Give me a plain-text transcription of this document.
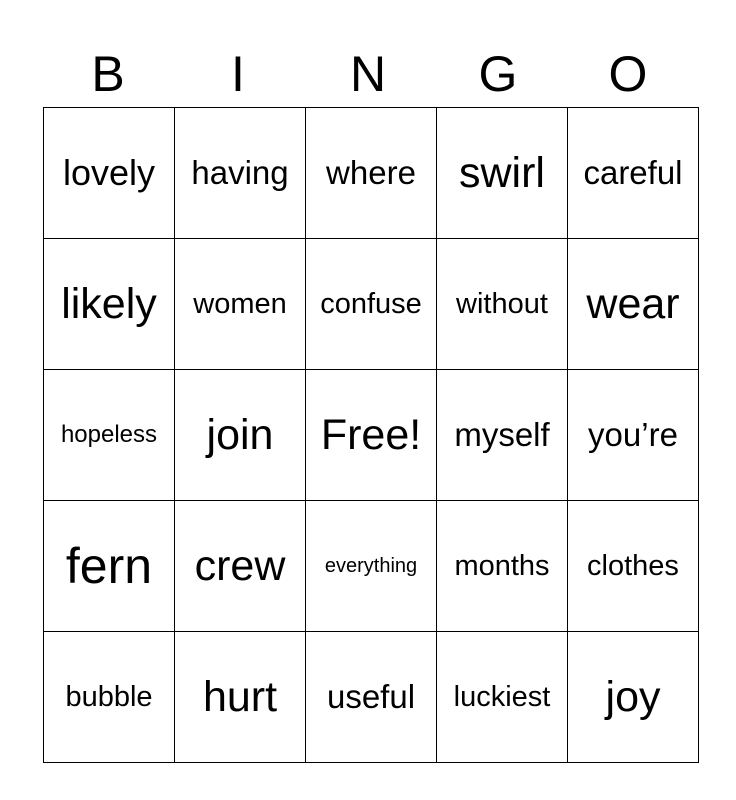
B	I	N	G	O
lovely	having	where	swirl	careful
likely	women	confuse	without	wear
hopeless	join	Free!	myself	you’re
fern	crew	everything	months	clothes
bubble	hurt	useful	luckiest	joy
